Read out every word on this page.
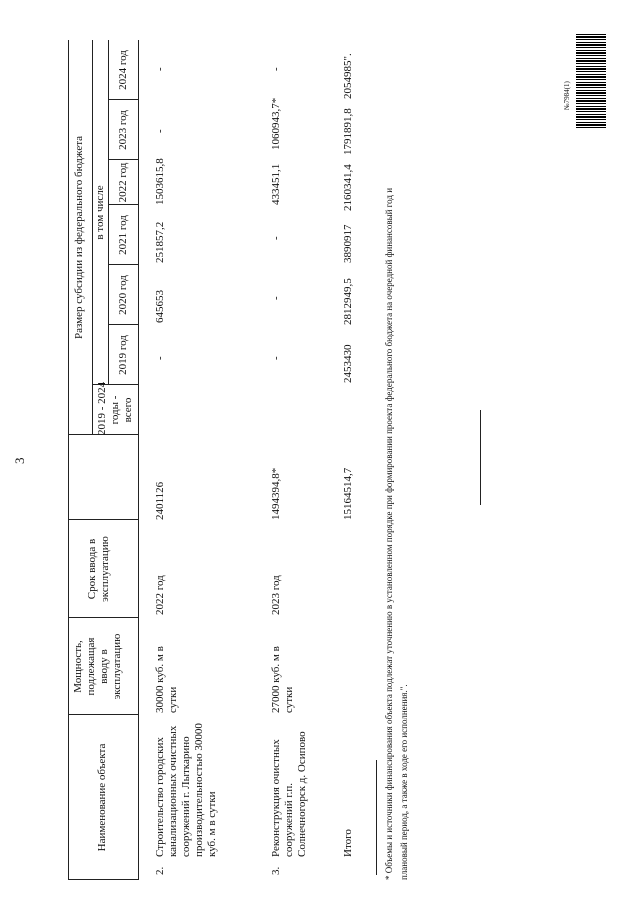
3
Наименование объекта
Мощность, подлежащая вводу в эксплуатацию
Срок ввода в эксплуатацию
Размер субсидии из федерального бюджета
2019 - 2024 годы - всего
в том числе
2019 год
2020 год
2021 год
2022 год
2023 год
2024 год
2.
Строительство городских канализационных очистных сооружений г. Лыткарино производительностью 30000 куб. м в сутки
30000 куб. м в сутки
2022 год
2401126
-
645653
251857,2
1503615,8
-
-
3.
Реконструкция очистных сооружений г.п. Солнечногорск д. Осипово
27000 куб. м в сутки
2023 год
1494394,8*
-
-
-
433451,1
1060943,7*
-
Итого
15164514,7
2453430
2812949,5
3890917
2160341,4
1791891,8
2054985".
* Объемы и источники финансирования объекта подлежат уточнению в установленном порядке при формировании проекта федерального бюджета на очередной финансовый год и плановый период, а также в ходе его исполнения.".
№7984(1)
